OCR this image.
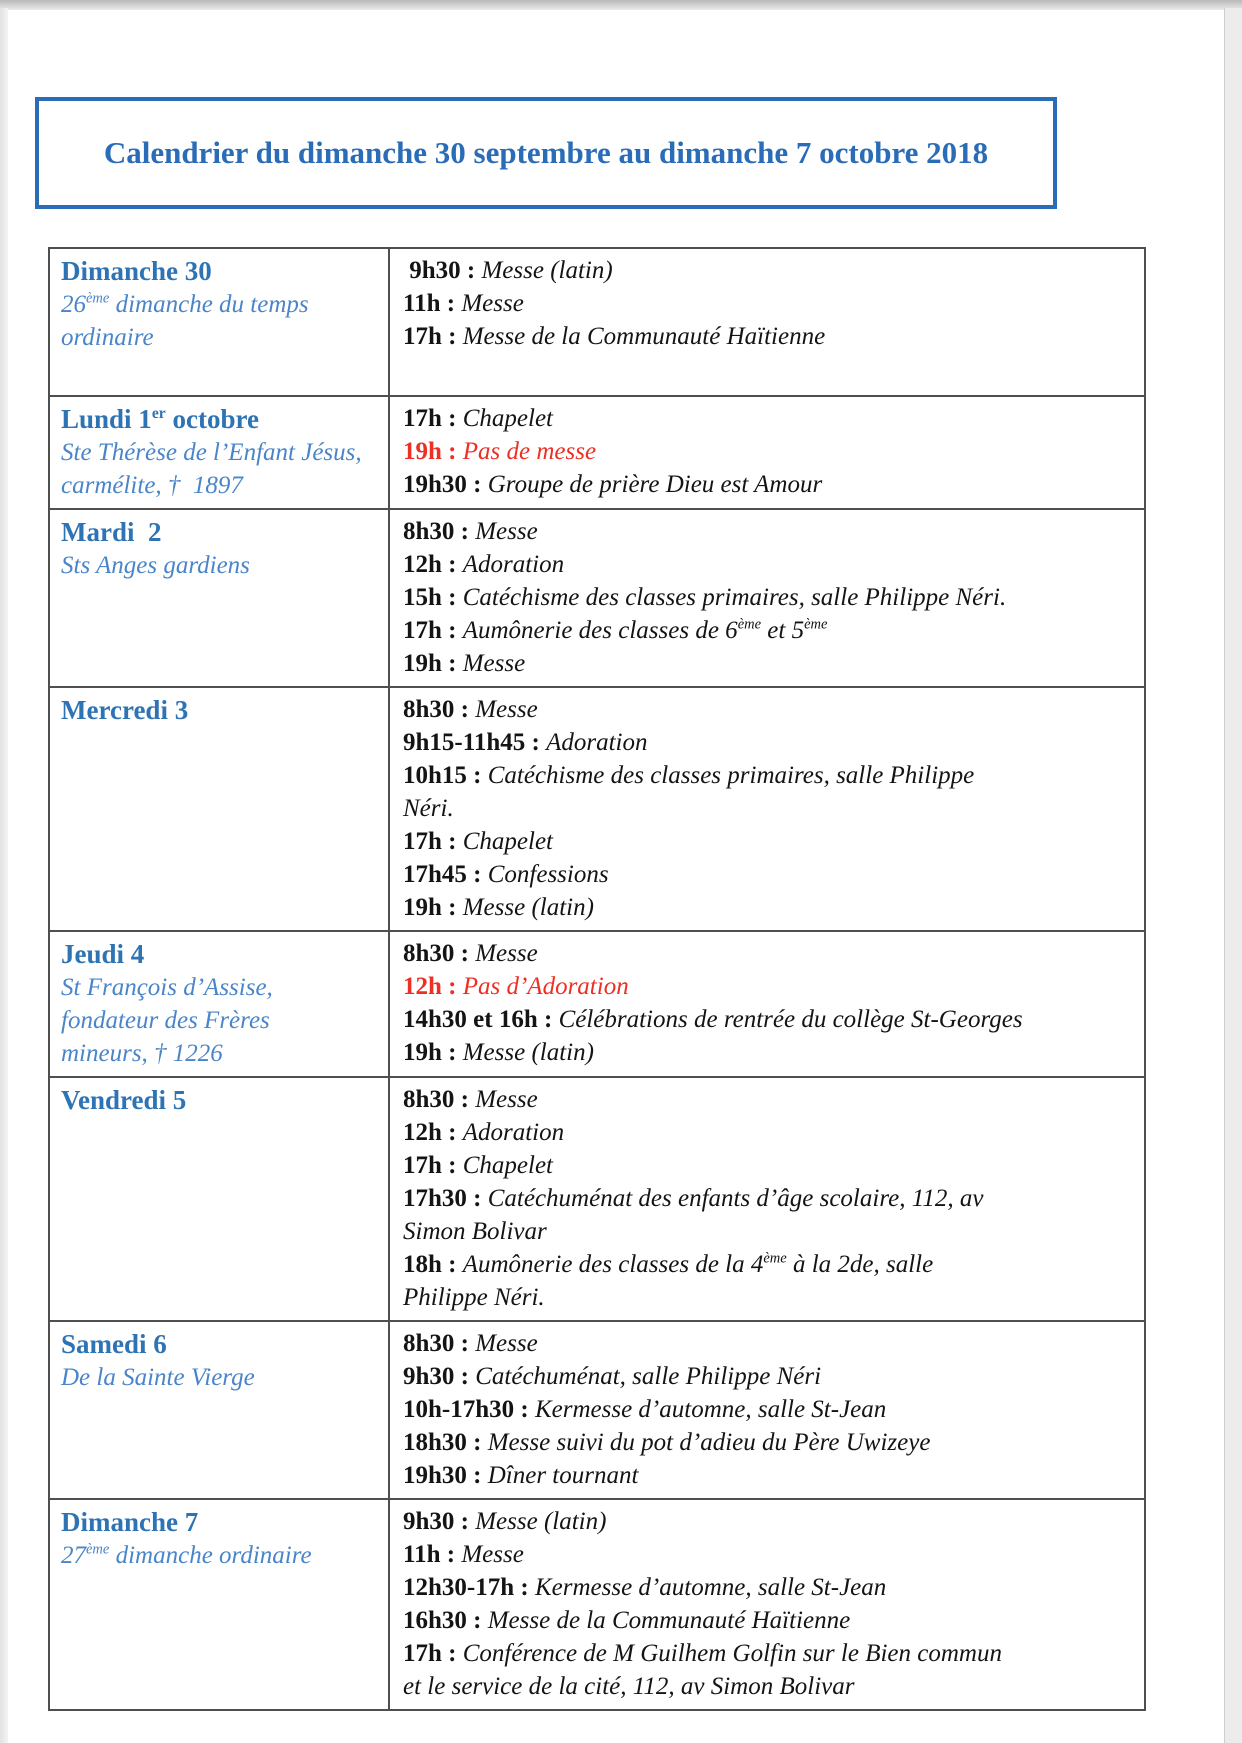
Calendrier du dimanche 30 septembre au dimanche 7 octobre 2018
Dimanche 30
26ème dimanche du temps
ordinaire
9h30 : Messe (latin)
11h : Messe
17h : Messe de la Communauté Haïtienne
Lundi 1er octobre
Ste Thérèse de l’Enfant Jésus,
carmélite, †  1897
17h : Chapelet
19h : Pas de messe
19h30 : Groupe de prière Dieu est Amour
Mardi  2
Sts Anges gardiens
8h30 : Messe
12h : Adoration
15h : Catéchisme des classes primaires, salle Philippe Néri.
17h : Aumônerie des classes de 6ème et 5ème
19h : Messe
Mercredi 3	8h30 : Messe
9h15-11h45 : Adoration
10h15 : Catéchisme des classes primaires, salle Philippe
Néri.
17h : Chapelet
17h45 : Confessions
19h : Messe (latin)
Jeudi 4
St François d’Assise,
fondateur des Frères
mineurs, † 1226
8h30 : Messe
12h : Pas d’Adoration
14h30 et 16h : Célébrations de rentrée du collège St-Georges
19h : Messe (latin)
Vendredi 5	8h30 : Messe
12h : Adoration
17h : Chapelet
17h30 : Catéchuménat des enfants d’âge scolaire, 112, av
Simon Bolivar
18h : Aumônerie des classes de la 4ème à la 2de, salle
Philippe Néri.
Samedi 6
De la Sainte Vierge
8h30 : Messe
9h30 : Catéchuménat, salle Philippe Néri
10h-17h30 : Kermesse d’automne, salle St-Jean
18h30 : Messe suivi du pot d’adieu du Père Uwizeye
19h30 : Dîner tournant
Dimanche 7
27ème dimanche ordinaire
9h30 : Messe (latin)
11h : Messe
12h30-17h : Kermesse d’automne, salle St-Jean
16h30 : Messe de la Communauté Haïtienne
17h : Conférence de M Guilhem Golfin sur le Bien commun
et le service de la cité, 112, av Simon Bolivar
